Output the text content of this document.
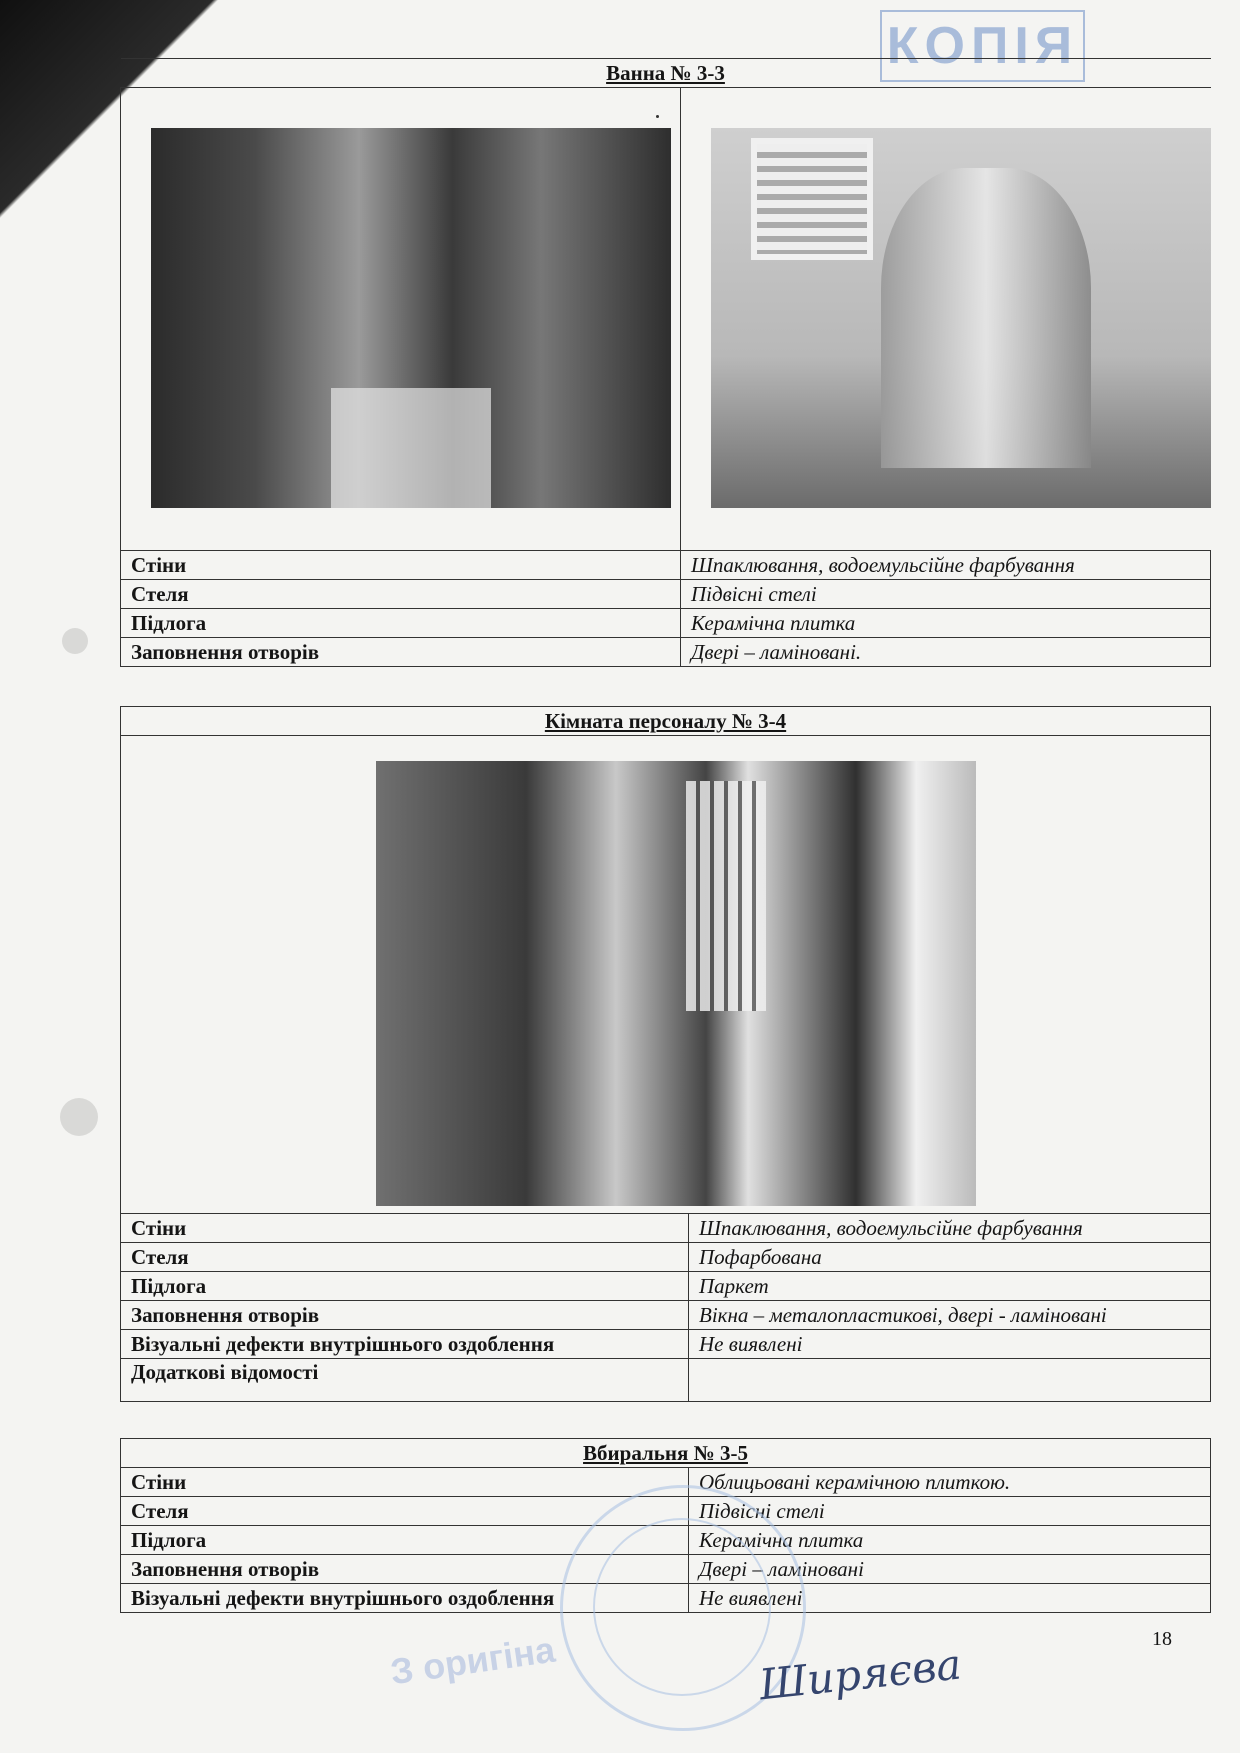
КОПІЯ
Ванна № 3-3	

Стіни	Шпаклювання, водоемульсійне фарбування
Стеля	Підвісні стелі
Підлога	Керамічна плитка
Заповнення отворів	Двері – ламіновані.
Кімната персоналу № 3-4	

Стіни	Шпаклювання, водоемульсійне фарбування
Стеля	Пофарбована
Підлога	Паркет
Заповнення отворів	Вікна – металопластикові, двері - ламіновані
Візуальні дефекти внутрішнього оздоблення	Не виявлені
Додаткові відомості	
Вбиральня № 3-5	
Стіни	Облицьовані керамічною плиткою.
Стеля	Підвісні стелі
Підлога	Керамічна плитка
Заповнення отворів	Двері – ламіновані
Візуальні дефекти внутрішнього оздоблення	Не виявлені
З оригіна	Ширяєва
18
